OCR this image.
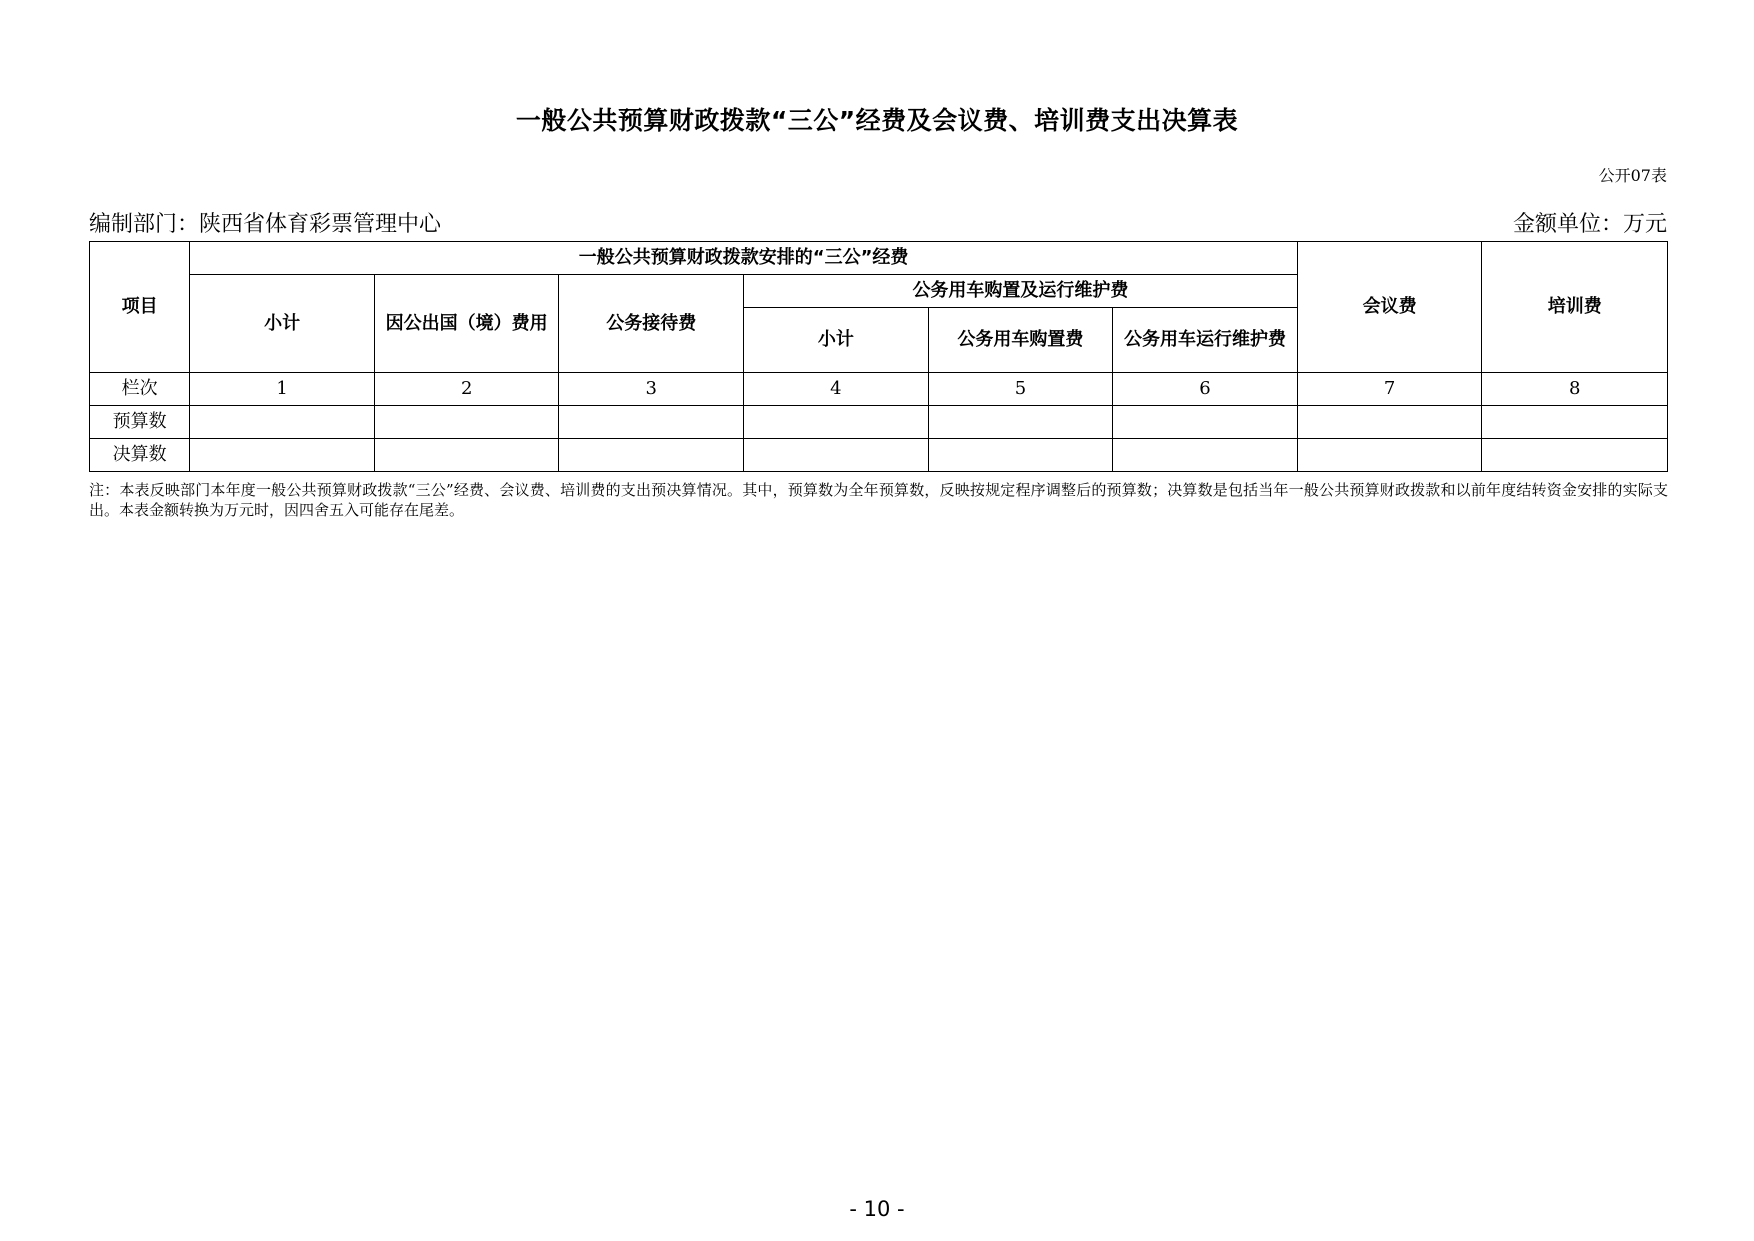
一般公共预算财政拨款“三公”经费及会议费、培训费支出决算表
公开07表
编制部门：陕西省体育彩票管理中心	金额单位：万元
项目	一般公共预算财政拨款安排的“三公”经费						会议费	培训费
	小计	因公出国（境）费用	公务接待费	公务用车购置及运行维护费				
				小计	公务用车购置费	公务用车运行维护费		
栏次	1	2	3	4	5	6	7	8
预算数								
决算数								
注：本表反映部门本年度一般公共预算财政拨款“三公”经费、会议费、培训费的支出预决算情况。其中，预算数为全年预算数，反映按规定程序调整后的预算数；决算数是包括当年一般公共预算财政拨款和以前年度结转资金安排的实际支出。本表金额转换为万元时，因四舍五入可能存在尾差。
- 10 -
